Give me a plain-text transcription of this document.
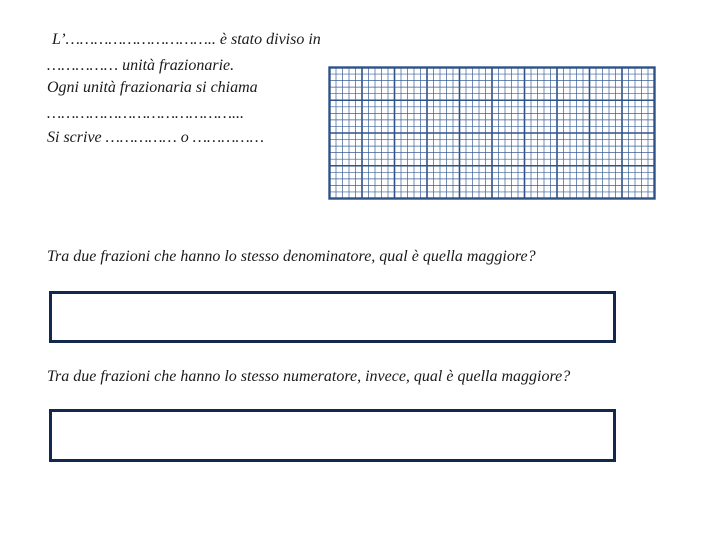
L’………………………….. è stato diviso in
…………… unità frazionarie.
Ogni unità frazionaria si chiama
…………………………………...
Si scrive …………… o ……………
Tra due frazioni che hanno lo stesso denominatore, qual è quella maggiore?
Tra due frazioni che hanno lo stesso numeratore, invece, qual è quella maggiore?
